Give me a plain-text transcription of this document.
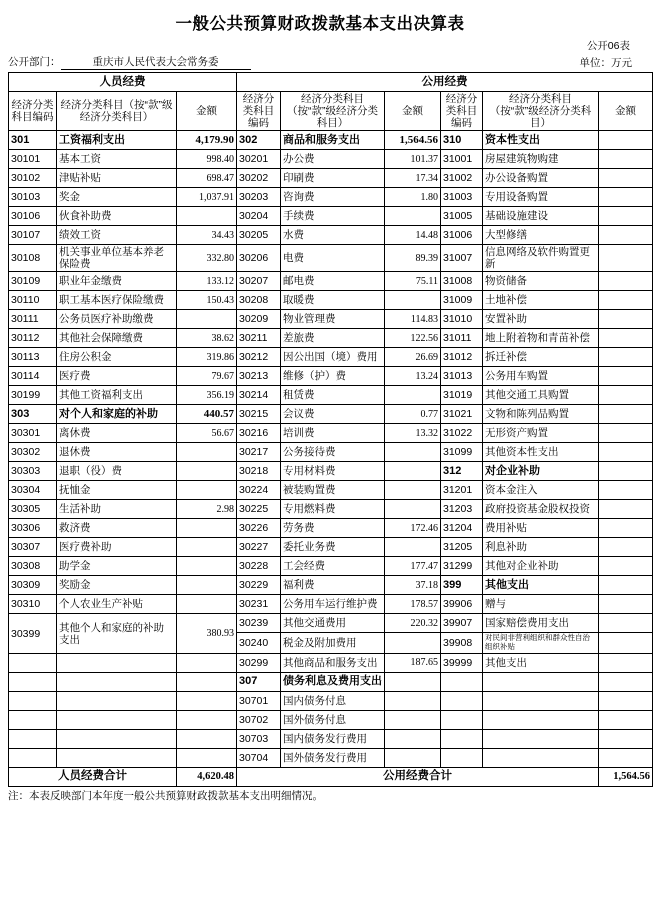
一般公共预算财政拨款基本支出决算表
公开06表
公开部门：	重庆市人民代表大会常务委	单位：万元
人员经费			公用经费					
经济分类科目编码	经济分类科目（按“款”级经济分类科目）	金额	经济分类科目编码	经济分类科目（按“款”级经济分类科目）	金额	经济分类科目编码	经济分类科目（按“款”级经济分类科目）	金额
301	工资福利支出	4,179.90	302	商品和服务支出	1,564.56	310	资本性支出	
30101	基本工资	998.40	30201	办公费	101.37	31001	房屋建筑物购建	
30102	津贴补贴	698.47	30202	印刷费	17.34	31002	办公设备购置	
30103	奖金	1,037.91	30203	咨询费	1.80	31003	专用设备购置	
30106	伙食补助费		30204	手续费		31005	基础设施建设	
30107	绩效工资	34.43	30205	水费	14.48	31006	大型修缮	
30108	机关事业单位基本养老保险费	332.80	30206	电费	89.39	31007	信息网络及软件购置更新	
30109	职业年金缴费	133.12	30207	邮电费	75.11	31008	物资储备	
30110	职工基本医疗保险缴费	150.43	30208	取暖费		31009	土地补偿	
30111	公务员医疗补助缴费		30209	物业管理费	114.83	31010	安置补助	
30112	其他社会保障缴费	38.62	30211	差旅费	122.56	31011	地上附着物和青苗补偿	
30113	住房公积金	319.86	30212	因公出国（境）费用	26.69	31012	拆迁补偿	
30114	医疗费	79.67	30213	维修（护）费	13.24	31013	公务用车购置	
30199	其他工资福利支出	356.19	30214	租赁费		31019	其他交通工具购置	
303	对个人和家庭的补助	440.57	30215	会议费	0.77	31021	文物和陈列品购置	
30301	离休费	56.67	30216	培训费	13.32	31022	无形资产购置	
30302	退休费		30217	公务接待费		31099	其他资本性支出	
30303	退职（役）费		30218	专用材料费		312	对企业补助	
30304	抚恤金		30224	被装购置费		31201	资本金注入	
30305	生活补助	2.98	30225	专用燃料费		31203	政府投资基金股权投资	
30306	救济费		30226	劳务费	172.46	31204	费用补贴	
30307	医疗费补助		30227	委托业务费		31205	利息补助	
30308	助学金		30228	工会经费	177.47	31299	其他对企业补助	
30309	奖励金		30229	福利费	37.18	399	其他支出	
30310	个人农业生产补贴		30231	公务用车运行维护费	178.57	39906	赠与	
30399	其他个人和家庭的补助支出	380.93	30239	其他交通费用	220.32	39907	国家赔偿费用支出	
			30240	税金及附加费用		39908	对民间非营利组织和群众性自治组织补贴	
			30299	其他商品和服务支出	187.65	39999	其他支出	
			307	债务利息及费用支出				
			30701	国内债务付息				
			30702	国外债务付息				
			30703	国内债务发行费用				
			30704	国外债务发行费用				
人员经费合计		4,620.48	公用经费合计					1,564.56
注：本表反映部门本年度一般公共预算财政拨款基本支出明细情况。
